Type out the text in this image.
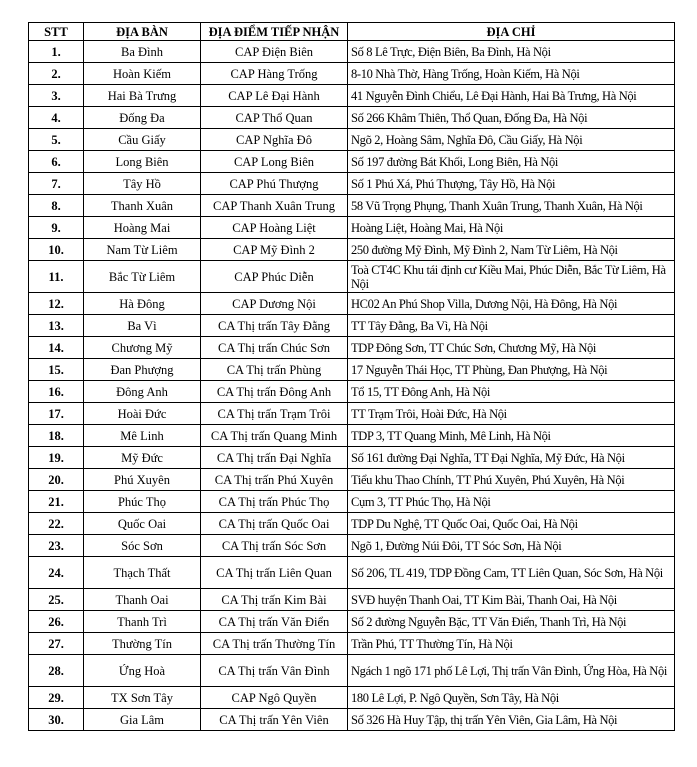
STT	ĐỊA BÀN	ĐỊA ĐIỂM TIẾP NHẬN	ĐỊA CHỈ
1.	Ba Đình	CAP Điện Biên	Số 8 Lê Trực, Điện Biên, Ba Đình, Hà Nội
2.	Hoàn Kiếm	CAP Hàng Trống	8-10 Nhà Thờ, Hàng Trống, Hoàn Kiếm, Hà Nội
3.	Hai Bà Trưng	CAP Lê Đại Hành	41 Nguyễn Đình Chiểu, Lê Đại Hành, Hai Bà Trưng, Hà Nội
4.	Đống Đa	CAP Thổ Quan	Số 266 Khâm Thiên, Thổ Quan, Đống Đa, Hà Nội
5.	Cầu Giấy	CAP Nghĩa Đô	Ngõ 2, Hoàng Sâm, Nghĩa Đô, Cầu Giấy, Hà Nội
6.	Long Biên	CAP Long Biên	Số 197 đường Bát Khối, Long Biên, Hà Nội
7.	Tây Hồ	CAP Phú Thượng	Số 1 Phú Xá, Phú Thượng, Tây Hồ, Hà Nội
8.	Thanh Xuân	CAP Thanh Xuân Trung	58 Vũ Trọng Phụng, Thanh Xuân Trung, Thanh Xuân, Hà Nội
9.	Hoàng Mai	CAP Hoàng Liệt	Hoàng Liệt, Hoàng Mai, Hà Nội
10.	Nam Từ Liêm	CAP Mỹ Đình 2	250 đường Mỹ Đình, Mỹ Đình 2, Nam Từ Liêm, Hà Nội
11.	Bắc Từ Liêm	CAP Phúc Diễn	Toà CT4C Khu tái định cư Kiều Mai, Phúc Diễn, Bắc Từ Liêm, Hà Nội
12.	Hà Đông	CAP Dương Nội	HC02 An Phú Shop Villa, Dương Nội, Hà Đông, Hà Nội
13.	Ba Vì	CA Thị trấn Tây Đằng	TT Tây Đằng, Ba Vì, Hà Nội
14.	Chương Mỹ	CA Thị trấn Chúc Sơn	TDP Đông Sơn, TT Chúc Sơn, Chương Mỹ, Hà Nội
15.	Đan Phượng	CA Thị trấn Phùng	17 Nguyễn Thái Học, TT Phùng, Đan Phượng, Hà Nội
16.	Đông Anh	CA Thị trấn Đông Anh	Tổ 15, TT Đông Anh, Hà Nội
17.	Hoài Đức	CA Thị trấn Trạm Trôi	TT Trạm Trôi, Hoài Đức, Hà Nội
18.	Mê Linh	CA Thị trấn Quang Minh	TDP 3, TT Quang Minh, Mê Linh, Hà Nội
19.	Mỹ Đức	CA Thị trấn Đại Nghĩa	Số 161 đường Đại Nghĩa, TT Đại Nghĩa, Mỹ Đức, Hà Nội
20.	Phú Xuyên	CA Thị trấn Phú Xuyên	Tiểu khu Thao Chính, TT Phú Xuyên, Phú Xuyên, Hà Nội
21.	Phúc Thọ	CA Thị trấn Phúc Thọ	Cụm 3, TT Phúc Thọ, Hà Nội
22.	Quốc Oai	CA Thị trấn Quốc Oai	TDP Du Nghệ, TT Quốc Oai, Quốc Oai, Hà Nội
23.	Sóc Sơn	CA Thị trấn Sóc Sơn	Ngõ 1, Đường Núi Đôi, TT Sóc Sơn, Hà Nội
24.	Thạch Thất	CA Thị trấn Liên Quan	Số 206, TL 419, TDP Đồng Cam, TT Liên Quan, Sóc Sơn, Hà Nội
25.	Thanh Oai	CA Thị trấn Kim Bài	SVĐ huyện Thanh Oai, TT Kim Bài, Thanh Oai, Hà Nội
26.	Thanh Trì	CA Thị trấn Văn Điển	Số 2 đường Nguyễn Bặc, TT Văn Điển, Thanh Trì, Hà Nội
27.	Thường Tín	CA Thị trấn Thường Tín	Trần Phú, TT Thường Tín, Hà Nội
28.	Ứng Hoà	CA Thị trấn Vân Đình	Ngách 1 ngõ 171 phố Lê Lợi, Thị trấn Vân Đình, Ứng Hòa, Hà Nội
29.	TX Sơn Tây	CAP Ngô Quyền	180 Lê Lợi, P. Ngô Quyền, Sơn Tây, Hà Nội
30.	Gia Lâm	CA Thị trấn Yên Viên	Số 326 Hà Huy Tập, thị trấn Yên Viên, Gia Lâm, Hà Nội
